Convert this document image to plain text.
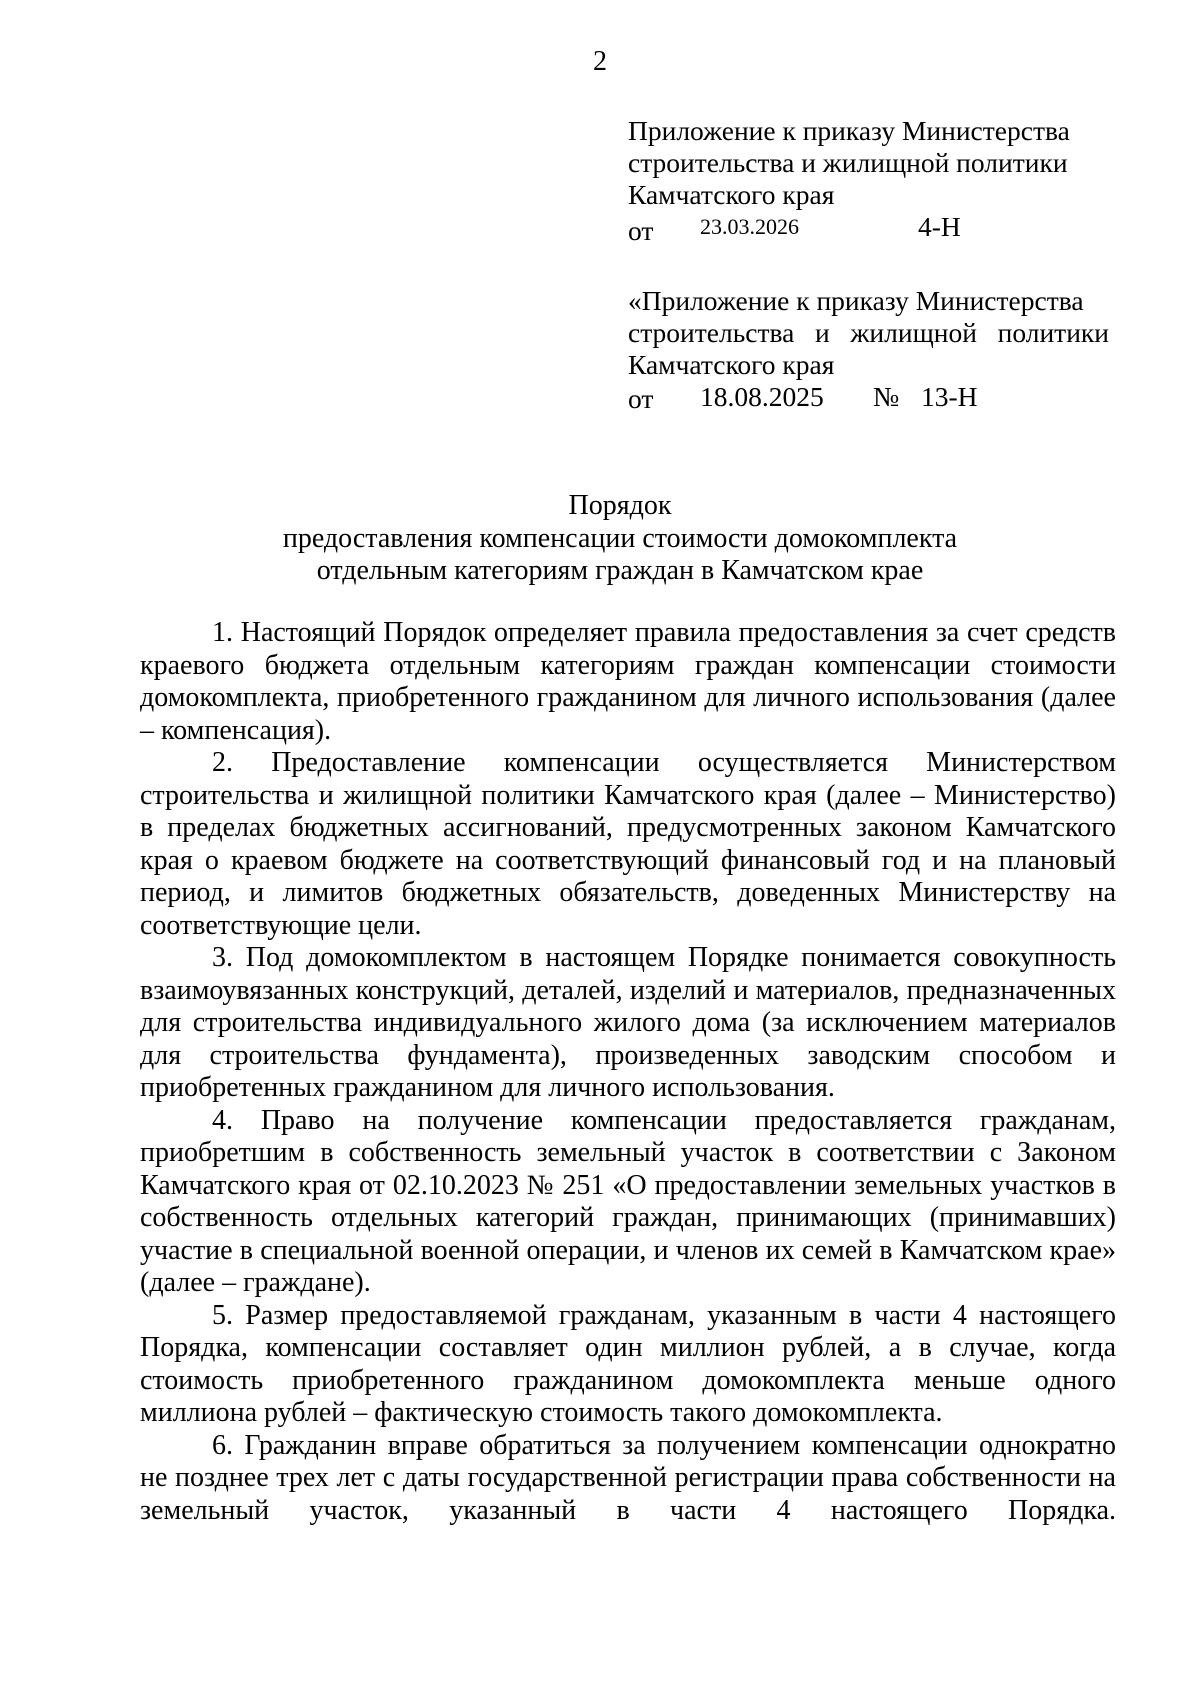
2
Приложение к приказу Министерства
строительства и жилищной политики
Камчатского края
от 23.03.2026	4-Н
«Приложение к приказу Министерства
строительства и жилищной политики
Камчатского края
от 18.08.2025 № 13-Н
Порядок
предоставления компенсации стоимости домокомплекта
отдельным категориям граждан в Камчатском крае

1. Настоящий Порядок определяет правила предоставления за счет средств краевого бюджета отдельным категориям граждан компенсации стоимости домокомплекта, приобретенного гражданином для личного использования (далее – компенсация).

2. Предоставление компенсации осуществляется Министерством строительства и жилищной политики Камчатского края (далее – Министерство) в пределах бюджетных ассигнований, предусмотренных законом Камчатского края о краевом бюджете на соответствующий финансовый год и на плановый период, и лимитов бюджетных обязательств, доведенных Министерству на соответствующие цели.

3. Под домокомплектом в настоящем Порядке понимается совокупность взаимоувязанных конструкций, деталей, изделий и материалов, предназначенных для строительства индивидуального жилого дома (за исключением материалов для строительства фундамента), произведенных заводским способом и приобретенных гражданином для личного использования.

4. Право на получение компенсации предоставляется гражданам, приобретшим в собственность земельный участок в соответствии с Законом Камчатского края от 02.10.2023 № 251 «О предоставлении земельных участков в собственность отдельных категорий граждан, принимающих (принимавших) участие в специальной военной операции, и членов их семей в Камчатском крае» (далее – граждане).

5. Размер предоставляемой гражданам, указанным в части 4 настоящего Порядка, компенсации составляет один миллион рублей, а в случае, когда стоимость приобретенного гражданином домокомплекта меньше одного миллиона рублей – фактическую стоимость такого домокомплекта.

6. Гражданин вправе обратиться за получением компенсации однократно не позднее трех лет с даты государственной регистрации права собственности на земельный участок, указанный в части 4 настоящего Порядка.
